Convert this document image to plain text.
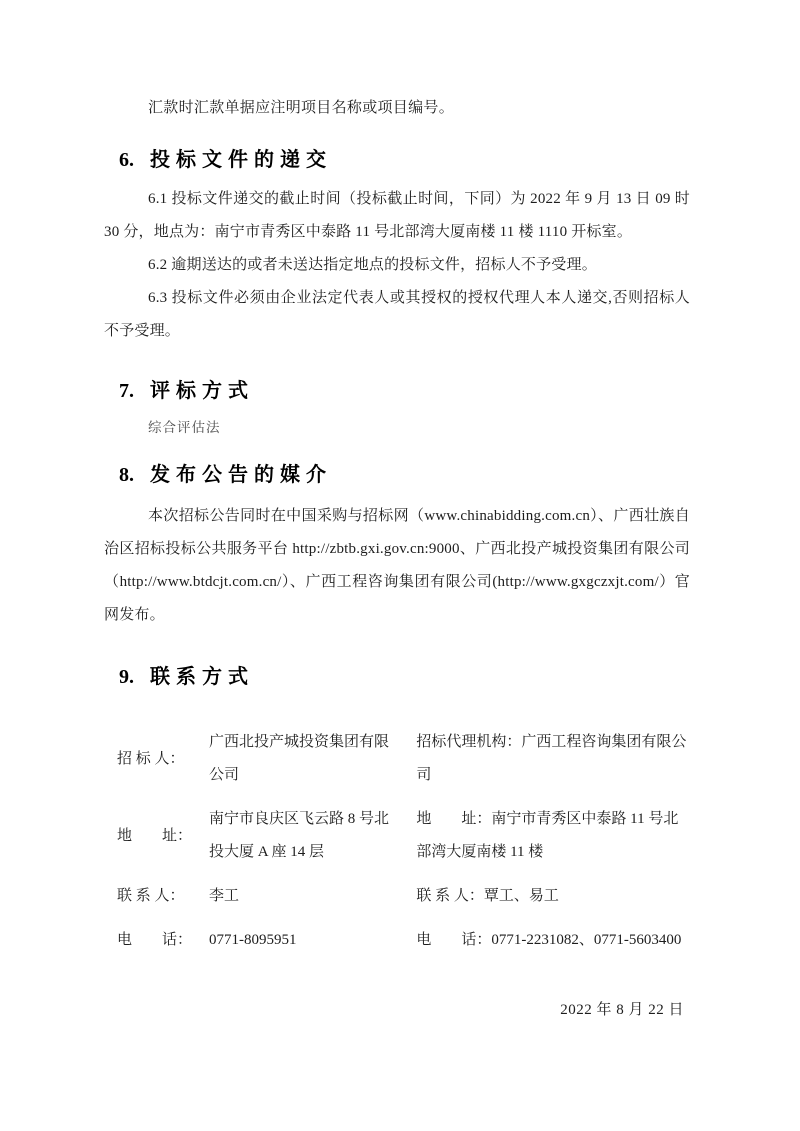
汇款时汇款单据应注明项目名称或项目编号。

6. 投标文件的递交

6.1 投标文件递交的截止时间（投标截止时间，下同）为 2022 年 9 月 13 日 09 时 30 分，地点为：南宁市青秀区中泰路 11 号北部湾大厦南楼 11 楼 1110 开标室。

6.2 逾期送达的或者未送达指定地点的投标文件，招标人不予受理。

6.3 投标文件必须由企业法定代表人或其授权的授权代理人本人递交,否则招标人不予受理。

7. 评标方式

综合评估法

8. 发布公告的媒介

本次招标公告同时在中国采购与招标网（www.chinabidding.com.cn）、广西壮族自治区招标投标公共服务平台 http://zbtb.gxi.gov.cn:9000、广西北投产城投资集团有限公司（http://www.btdcjt.com.cn/）、广西工程咨询集团有限公司(http://www.gxgczxjt.com/）官网发布。

9. 联系方式
招 标 人：
广西北投产城投资集团有限公司
地　　址：
南宁市良庆区飞云路 8 号北投大厦 A 座 14 层
联 系 人：	李工
电　　话：	0771-8095951
招标代理机构：广西工程咨询集团有限公司
地　　址：南宁市青秀区中泰路 11 号北部湾大厦南楼 11 楼
联 系 人：覃工、易工
电　　话：0771-2231082、0771-5603400

2022 年 8 月 22 日
